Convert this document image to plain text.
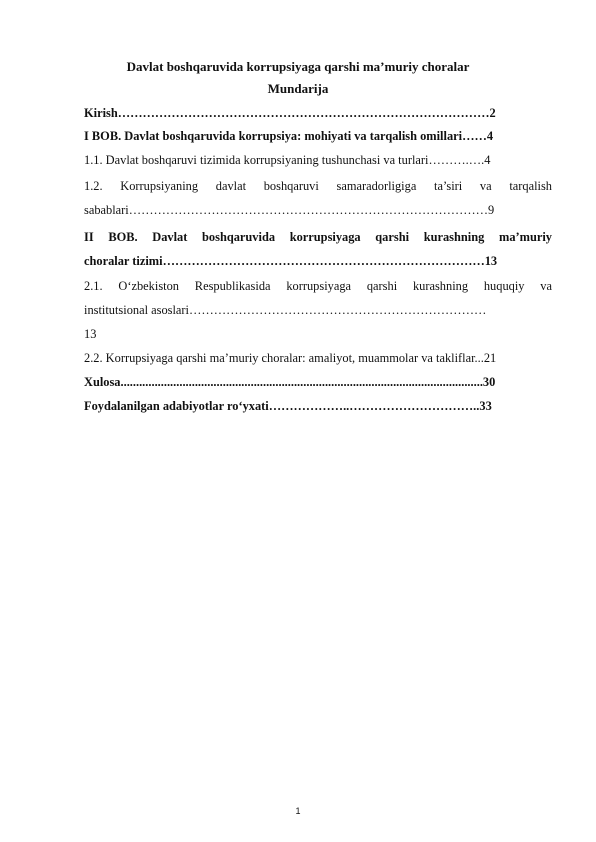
Davlat boshqaruvida korrupsiyaga qarshi ma’muriy choralar
Mundarija
Kirish………………………………………………………………………………2
I BOB. Davlat boshqaruvida korrupsiya: mohiyati va tarqalish omillari……4
1.1. Davlat boshqaruvi tizimida korrupsiyaning tushunchasi va turlari……….….4
1.2. Korrupsiyaning davlat boshqaruvi samaradorligiga ta’siri va tarqalish
sabablari……………………………………………………………………………9
II BOB. Davlat boshqaruvida korrupsiyaga qarshi kurashning ma’muriy
choralar tizimi……………………………………………………………………13
2.1. O‘zbekiston Respublikasida korrupsiyaga qarshi kurashning huquqiy va
institutsional asoslari………………………………………………………………
13
2.2. Korrupsiyaga qarshi ma’muriy choralar: amaliyot, muammolar va takliflar...21
Xulosa.....................................................................................................................30
Foydalanilgan adabiyotlar ro‘yxati………………..…………………………..33
1
